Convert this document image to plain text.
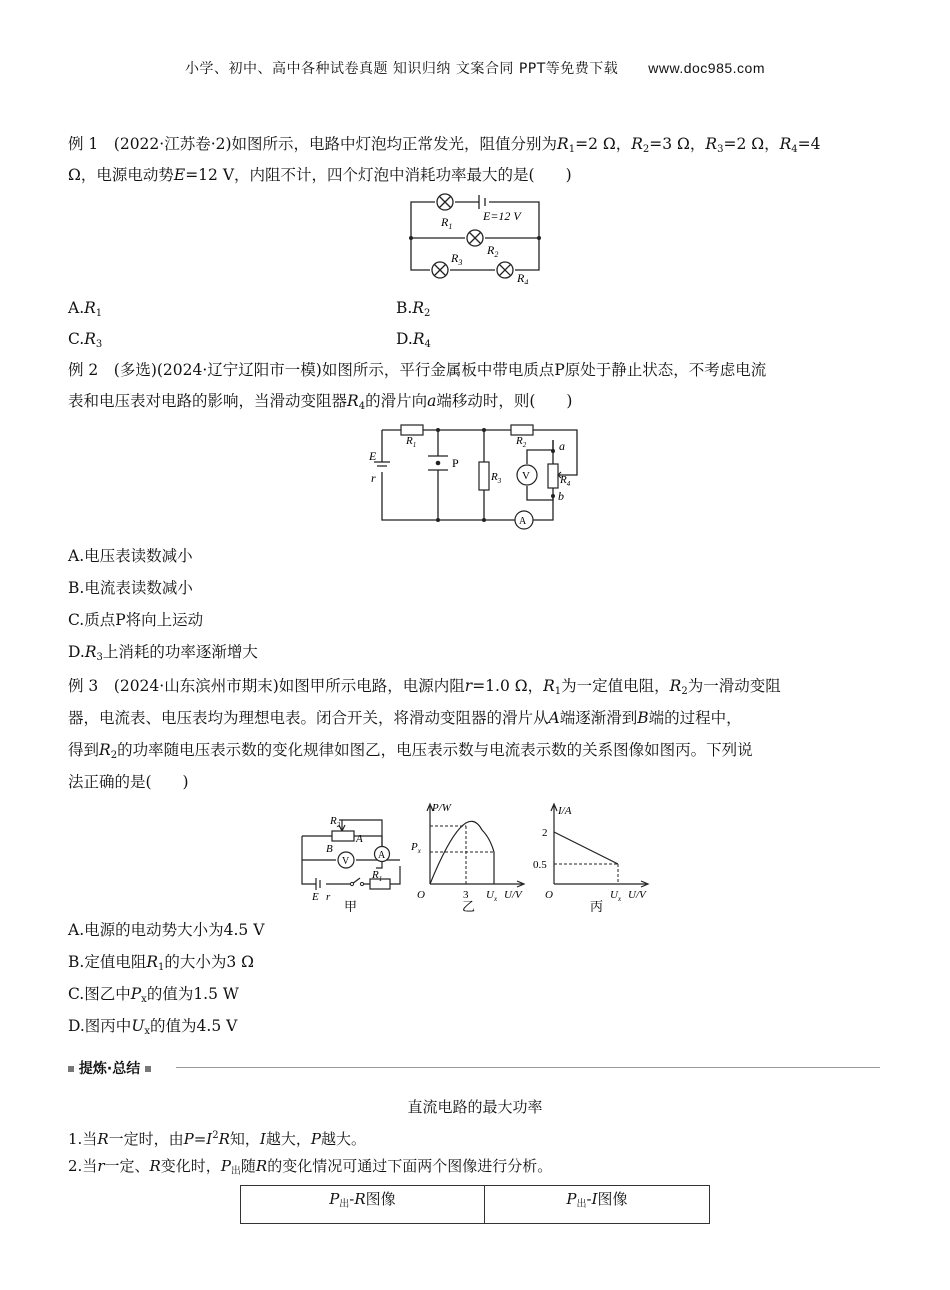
小学、初中、高中各种试卷真题 知识归纳 文案合同 PPT等免费下载 www.doc985.com
例 1　(2022·江苏卷·2)如图所示，电路中灯泡均正常发光，阻值分别为$R_1=2$ Ω，$R_2=3$ Ω，$R_3=2$ Ω，$R_4=4$
Ω，电源电动势E=12 V，内阻不计，四个灯泡中消耗功率最大的是(　　)
$R_1$
E=12 V
$R_2$
$R_3$
$R_4$
$A.R_1$	$B.R_2$
$C.R_3$	$D.R_4$
例 2　(多选)(2024·辽宁辽阳市一模)如图所示，平行金属板中带电质点P原处于静止状态，不考虑电流
表和电压表对电路的影响，当滑动变阻器$R_4$的滑片向a端移动时，则(　　)
$R_1$	$R_2$
$R_3$	$R_4$
E
r
P
a
b
V
A
A.电压表读数减小
B.电流表读数减小
C.质点P将向上运动
$D.R_3$上消耗的功率逐渐增大
例 3　(2024·山东滨州市期末)如图甲所示电路，电源内阻r=1.0 Ω，$R_1$为一定值电阻，$R_2$为一滑动变阻
器，电流表、电压表均为理想电表。闭合开关，将滑动变阻器的滑片从A端逐渐滑到B端的过程中，
得到$R_2$的功率随电压表示数的变化规律如图乙，电压表示数与电流表示数的关系图像如图丙。下列说
法正确的是(　　)
$R_2$
A
B
A
V
$R_1$
E r
甲
P/W
$P_x$
O	3 $U_x$ U/V
乙
I/A
2
0.5
O	$U_x$ U/V
丙
A.电源的电动势大小为4.5 V
B.定值电阻$R_1$的大小为3 Ω
C.图乙中$P_x$的值为1.5 W
D.图丙中$U_x$的值为4.5 V
提炼·总结
直流电路的最大功率
1.当R一定时，由$P=I^2R$知，I越大，P越大。
2.当r一定、R变化时，$P_出$随R的变化情况可通过下面两个图像进行分析。
$P_出-R$图像	$P_出-I$图像
